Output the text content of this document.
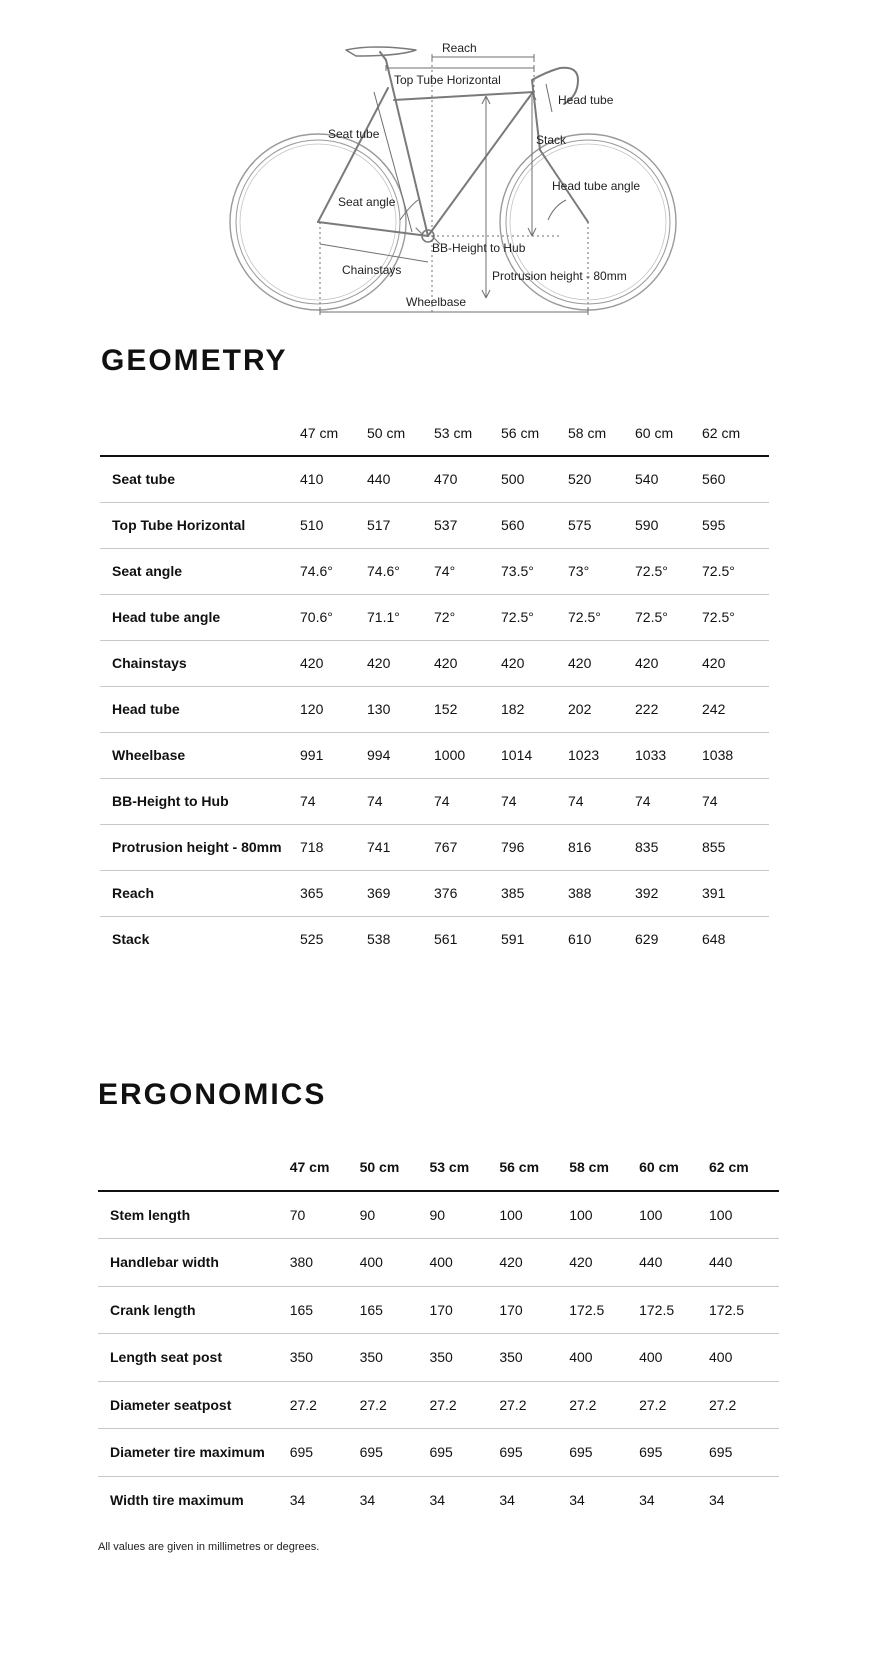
Reach
Top Tube Horizontal
Head tube
Seat tube	Stack
Head tube angle
Seat angle
BB-Height to Hub
Chainstays	Protrusion height - 80mm
Wheelbase
GEOMETRY
	47 cm	50 cm	53 cm	56 cm	58 cm	60 cm	62 cm
Seat tube	410	440	470	500	520	540	560
Top Tube Horizontal	510	517	537	560	575	590	595
Seat angle	74.6°	74.6°	74°	73.5°	73°	72.5°	72.5°
Head tube angle	70.6°	71.1°	72°	72.5°	72.5°	72.5°	72.5°
Chainstays	420	420	420	420	420	420	420
Head tube	120	130	152	182	202	222	242
Wheelbase	991	994	1000	1014	1023	1033	1038
BB-Height to Hub	74	74	74	74	74	74	74
Protrusion height - 80mm	718	741	767	796	816	835	855
Reach	365	369	376	385	388	392	391
Stack	525	538	561	591	610	629	648
ERGONOMICS
	47 cm	50 cm	53 cm	56 cm	58 cm	60 cm	62 cm
Stem length	70	90	90	100	100	100	100
Handlebar width	380	400	400	420	420	440	440
Crank length	165	165	170	170	172.5	172.5	172.5
Length seat post	350	350	350	350	400	400	400
Diameter seatpost	27.2	27.2	27.2	27.2	27.2	27.2	27.2
Diameter tire maximum	695	695	695	695	695	695	695
Width tire maximum	34	34	34	34	34	34	34

All values are given in millimetres or degrees.
